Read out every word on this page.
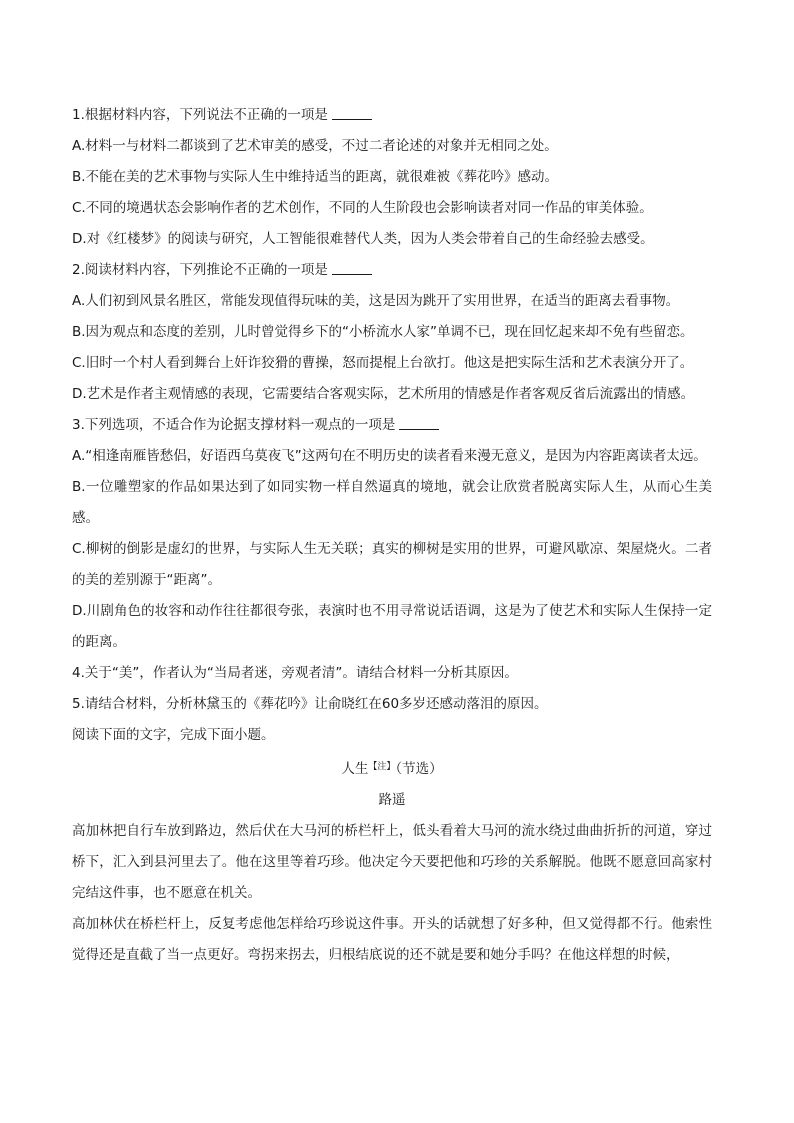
1.根据材料内容，下列说法不正确的一项是

A.材料一与材料二都谈到了艺术审美的感受，不过二者论述的对象并无相同之处。

B.不能在美的艺术事物与实际人生中维持适当的距离，就很难被《葬花吟》感动。

C.不同的境遇状态会影响作者的艺术创作，不同的人生阶段也会影响读者对同一作品的审美体验。

D.对《红楼梦》的阅读与研究，人工智能很难替代人类，因为人类会带着自己的生命经验去感受。

2.阅读材料内容，下列推论不正确的一项是

A.人们初到风景名胜区，常能发现值得玩味的美，这是因为跳开了实用世界，在适当的距离去看事物。

B.因为观点和态度的差别，儿时曾觉得乡下的“小桥流水人家”单调不已，现在回忆起来却不免有些留恋。

C.旧时一个村人看到舞台上奸诈狡猾的曹操，怒而提棍上台欲打。他这是把实际生活和艺术表演分开了。

D.艺术是作者主观情感的表现，它需要结合客观实际，艺术所用的情感是作者客观反省后流露出的情感。

3.下列选项，不适合作为论据支撑材料一观点的一项是

A.“相逢南雁皆愁侣，好语西乌莫夜飞”这两句在不明历史的读者看来漫无意义，是因为内容距离读者太远。

B.一位雕塑家的作品如果达到了如同实物一样自然逼真的境地，就会让欣赏者脱离实际人生，从而心生美感。

C.柳树的倒影是虚幻的世界，与实际人生无关联；真实的柳树是实用的世界，可避风歇凉、架屋烧火。二者的美的差别源于“距离”。

D.川剧角色的妆容和动作往往都很夸张，表演时也不用寻常说话语调，这是为了使艺术和实际人生保持一定的距离。

4.关于“美”，作者认为“当局者迷，旁观者清”。请结合材料一分析其原因。

5.请结合材料，分析林黛玉的《葬花吟》让俞晓红在60多岁还感动落泪的原因。

阅读下面的文字，完成下面小题。

人生$^{【注】}$（节选）

路遥

高加林把自行车放到路边，然后伏在大马河的桥栏杆上，低头看着大马河的流水绕过曲曲折折的河道，穿过桥下，汇入到县河里去了。他在这里等着巧珍。他决定今天要把他和巧珍的关系解脱。他既不愿意回高家村完结这件事，也不愿意在机关。

高加林伏在桥栏杆上，反复考虑他怎样给巧珍说这件事。开头的话就想了好多种，但又觉得都不行。他索性觉得还是直截了当一点更好。弯拐来拐去，归根结底说的还不就是要和她分手吗？在他这样想的时候，
